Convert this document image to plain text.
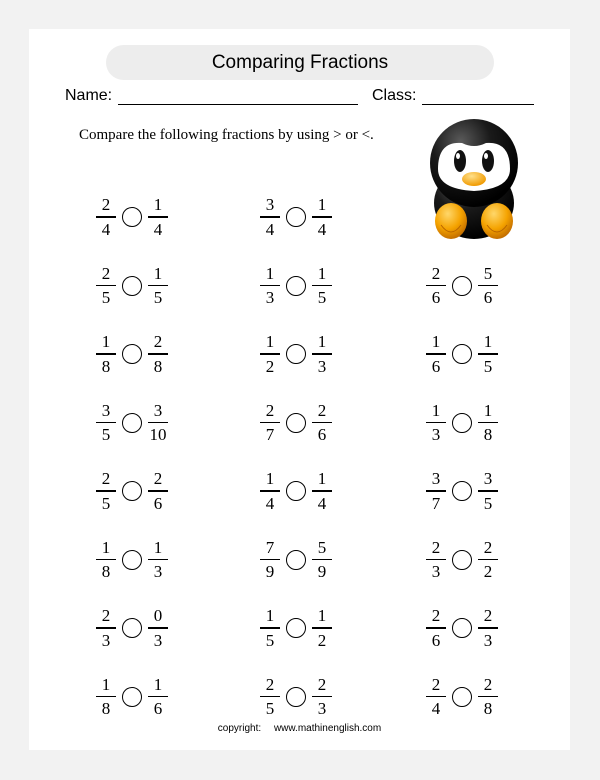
Comparing Fractions
Name:	Class:
Compare the following fractions by using > or <.
$\frac{2}{4} \frac{1}{4}$	$\frac{3}{4} \frac{1}{4}$
$\frac{2}{5} \frac{1}{5}$	$\frac{1}{3} \frac{1}{5}$	$\frac{2}{6} \frac{5}{6}$
$\frac{1}{8} \frac{2}{8}$	$\frac{1}{2} \frac{1}{3}$	$\frac{1}{6} \frac{1}{5}$
$\frac{3}{5} \frac{3}{10}$	$\frac{2}{7} \frac{2}{6}$	$\frac{1}{3} \frac{1}{8}$
$\frac{2}{5} \frac{2}{6}$	$\frac{1}{4} \frac{1}{4}$	$\frac{3}{7} \frac{3}{5}$
$\frac{1}{8} \frac{1}{3}$	$\frac{7}{9} \frac{5}{9}$	$\frac{2}{3} \frac{2}{2}$
$\frac{2}{3} \frac{0}{3}$	$\frac{1}{5} \frac{1}{2}$	$\frac{2}{6} \frac{2}{3}$
$\frac{1}{8} \frac{1}{6}$	$\frac{2}{5} \frac{2}{3}$	$\frac{2}{4} \frac{2}{8}$
copyright: www.mathinenglish.com
